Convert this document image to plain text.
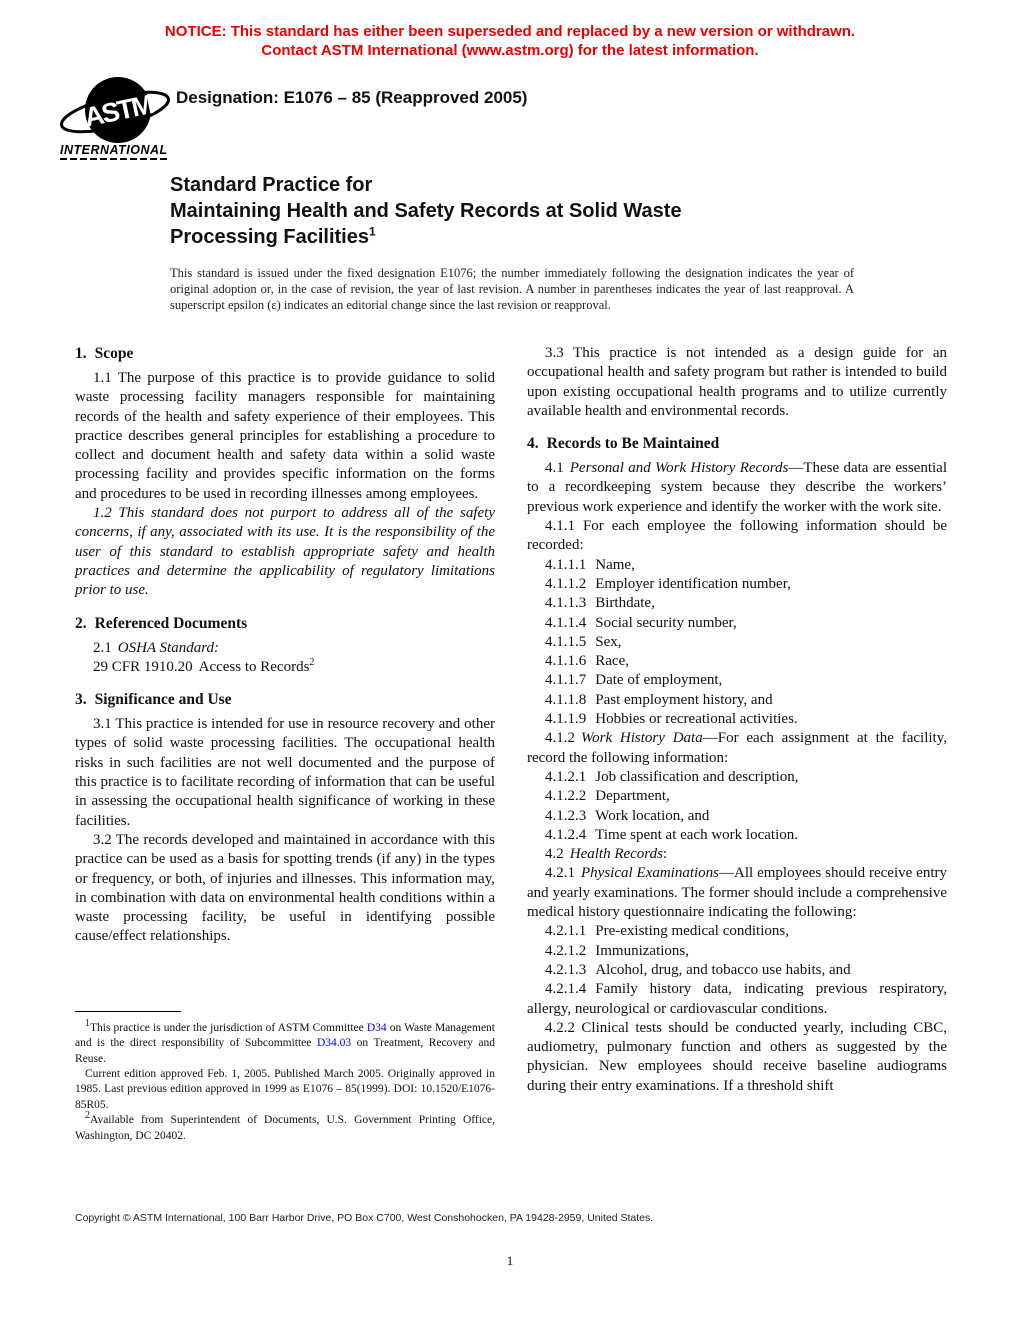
NOTICE: This standard has either been superseded and replaced by a new version or withdrawn.
Contact ASTM International (www.astm.org) for the latest information.
ASTM
INTERNATIONAL
Designation: E1076 – 85 (Reapproved 2005)
Standard Practice for
Maintaining Health and Safety Records at Solid Waste
Processing Facilities$^1$
This standard is issued under the fixed designation E1076; the number immediately following the designation indicates the year of original adoption or, in the case of revision, the year of last revision. A number in parentheses indicates the year of last reapproval. A superscript epsilon (ε) indicates an editorial change since the last revision or reapproval.
1. Scope

1.1 The purpose of this practice is to provide guidance to solid waste processing facility managers responsible for maintaining records of the health and safety experience of their employees. This practice describes general principles for establishing a procedure to collect and document health and safety data within a solid waste processing facility and provides specific information on the forms and procedures to be used in recording illnesses among employees.

1.2 This standard does not purport to address all of the safety concerns, if any, associated with its use. It is the responsibility of the user of this standard to establish appropriate safety and health practices and determine the applicability of regulatory limitations prior to use.

2. Referenced Documents

2.1 OSHA Standard:

29 CFR 1910.20 Access to Records$^2$

3. Significance and Use

3.1 This practice is intended for use in resource recovery and other types of solid waste processing facilities. The occupational health risks in such facilities are not well documented and the purpose of this practice is to facilitate recording of information that can be useful in assessing the occupational health significance of working in these facilities.

3.2 The records developed and maintained in accordance with this practice can be used as a basis for spotting trends (if any) in the types or frequency, or both, of injuries and illnesses. This information may, in combination with data on environmental health conditions within a waste processing facility, be useful in identifying possible cause/effect relationships.

$^1$This practice is under the jurisdiction of ASTM Committee D34 on Waste Management and is the direct responsibility of Subcommittee D34.03 on Treatment, Recovery and Reuse.

Current edition approved Feb. 1, 2005. Published March 2005. Originally approved in 1985. Last previous edition approved in 1999 as E1076 – 85(1999). DOI: 10.1520/E1076-85R05.

$^2$Available from Superintendent of Documents, U.S. Government Printing Office, Washington, DC 20402.

3.3 This practice is not intended as a design guide for an occupational health and safety program but rather is intended to build upon existing occupational health programs and to utilize currently available health and environmental records.

4. Records to Be Maintained

4.1 Personal and Work History Records—These data are essential to a recordkeeping system because they describe the workers’ previous work experience and identify the worker with the work site.

4.1.1 For each employee the following information should be recorded:

4.1.1.1 Name,

4.1.1.2 Employer identification number,

4.1.1.3 Birthdate,

4.1.1.4 Social security number,

4.1.1.5 Sex,

4.1.1.6 Race,

4.1.1.7 Date of employment,

4.1.1.8 Past employment history, and

4.1.1.9 Hobbies or recreational activities.

4.1.2 Work History Data—For each assignment at the facility, record the following information:

4.1.2.1 Job classification and description,

4.1.2.2 Department,

4.1.2.3 Work location, and

4.1.2.4 Time spent at each work location.

4.2 Health Records:

4.2.1 Physical Examinations—All employees should receive entry and yearly examinations. The former should include a comprehensive medical history questionnaire indicating the following:

4.2.1.1 Pre-existing medical conditions,

4.2.1.2 Immunizations,

4.2.1.3 Alcohol, drug, and tobacco use habits, and

4.2.1.4 Family history data, indicating previous respiratory, allergy, neurological or cardiovascular conditions.

4.2.2 Clinical tests should be conducted yearly, including CBC, audiometry, pulmonary function and others as suggested by the physician. New employees should receive baseline audiograms during their entry examinations. If a threshold shift

Copyright © ASTM International, 100 Barr Harbor Drive, PO Box C700, West Conshohocken, PA 19428-2959, United States.
1
